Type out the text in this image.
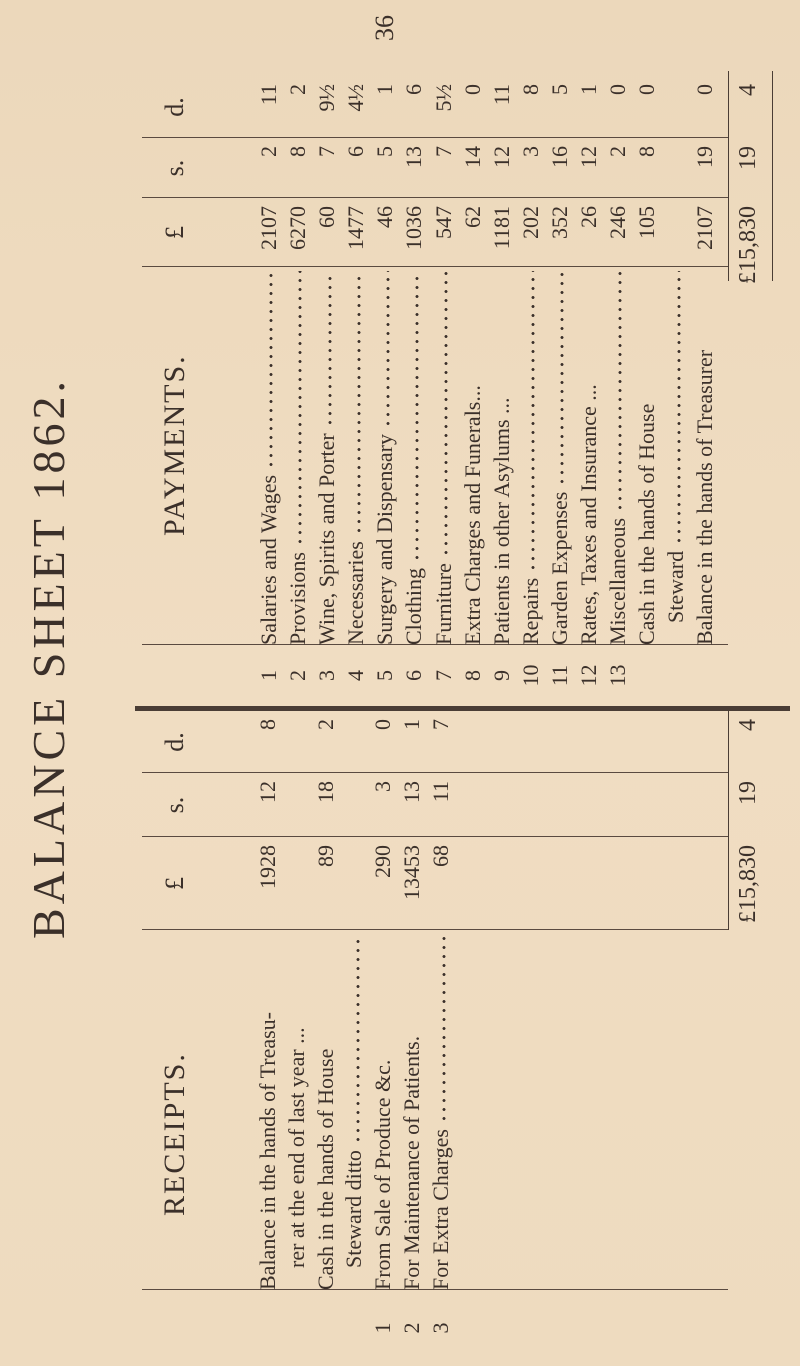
BALANCE SHEET 1862.
36
RECEIPTS.
£
s.
d.
Balance in the hands of Treasu-
1928
12
8
rer at the end of last year ... Cash in the hands of House
89
18
2
Steward ditto
1
From Sale of Produce &c.
290
3
0
2
For Maintenance of Patients.
13453
13
1
3
For Extra Charges
68
11
7
£15,830
19
4
PAYMENTS.
£
s.
d.
1
Salaries and Wages
2107
2
11
2
Provisions
6270
8
2
3
Wine, Spirits and Porter
60
7
9½
4
Necessaries
1477
6
4½
5
Surgery and Dispensary
46
5
1
6
Clothing
1036
13
6
7
Furniture
547
7
5½
8
Extra Charges and Funerals...
62
14
0
9
Patients in other Asylums ...
1181
12
11
10
Repairs
202
3
8
11
Garden Expenses
352
16
5
12
Rates, Taxes and Insurance ...
26
12
1
13
Miscellaneous
246
2
0
Cash in the hands of House
105
8
0
Steward Balance in the hands of Treasurer
2107
19
0
£15,830
19
4
